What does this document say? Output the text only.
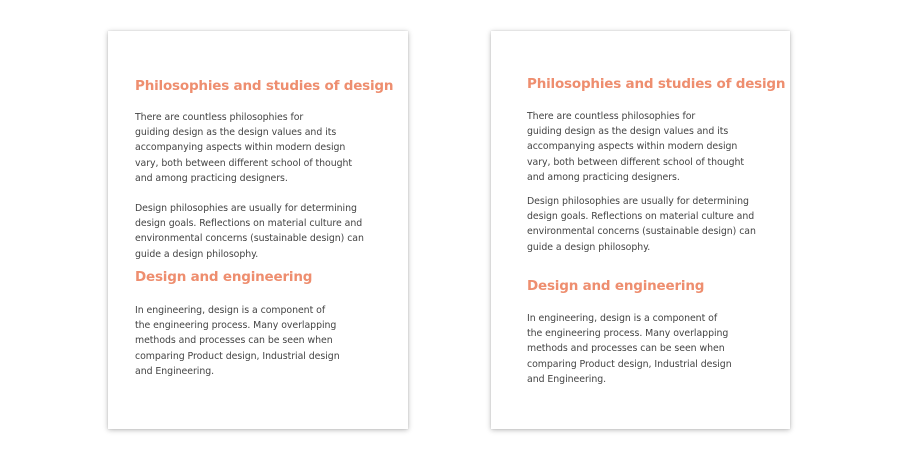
Philosophies and studies of design

There are countless philosophies for
guiding design as the design values and its
accompanying aspects within modern design
vary, both between different school of thought
and among practicing designers.

Design philosophies are usually for determining
design goals. Reflections on material culture and
environmental concerns (sustainable design) can
guide a design philosophy.

Design and engineering

In engineering, design is a component of
the engineering process. Many overlapping
methods and processes can be seen when
comparing Product design, Industrial design
and Engineering.

Philosophies and studies of design

There are countless philosophies for
guiding design as the design values and its
accompanying aspects within modern design
vary, both between different school of thought
and among practicing designers.

Design philosophies are usually for determining
design goals. Reflections on material culture and
environmental concerns (sustainable design) can
guide a design philosophy.

Design and engineering

In engineering, design is a component of
the engineering process. Many overlapping
methods and processes can be seen when
comparing Product design, Industrial design
and Engineering.
